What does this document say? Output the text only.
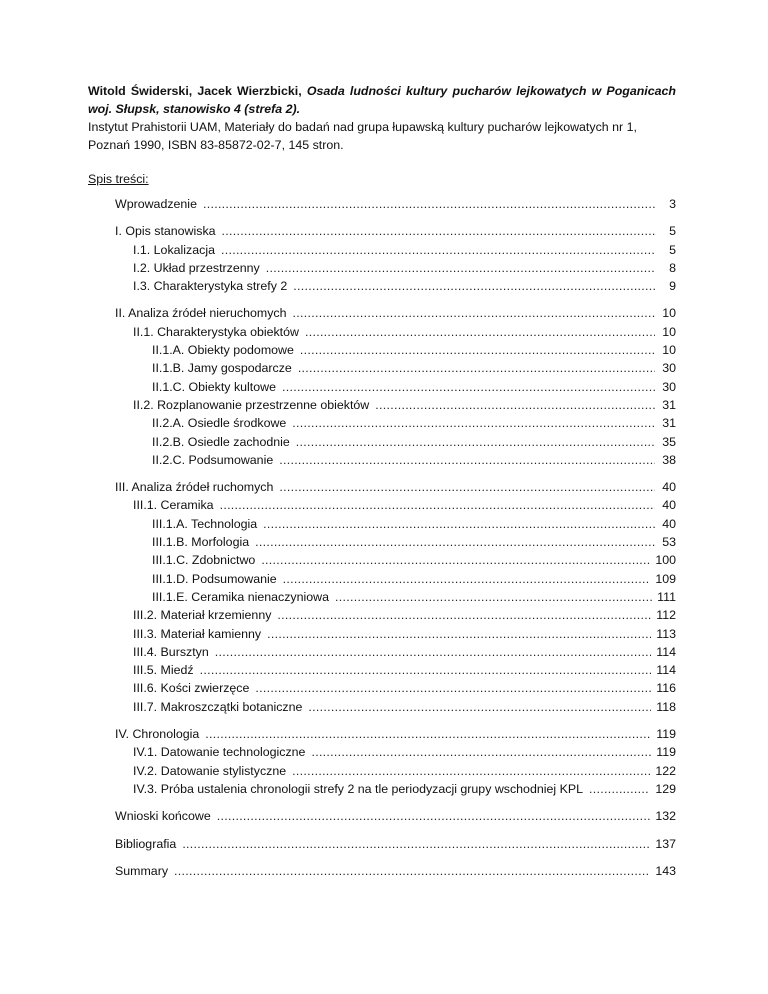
Witold Świderski, Jacek Wierzbicki, Osada ludności kultury pucharów lejkowatych w Poganicach woj. Słupsk, stanowisko 4 (strefa 2).
Instytut Prahistorii UAM, Materiały do badań nad grupa łupawską kultury pucharów lejkowatych nr 1,
Poznań 1990, ISBN 83-85872-02-7, 145 stron.
Spis treści:
Wprowadzenie .....	3
I. Opis stanowiska .....	5
I.1. Lokalizacja .....	5
I.2. Układ przestrzenny .....	8
I.3. Charakterystyka strefy 2 .....	9
II. Analiza źródeł nieruchomych .....	10
II.1. Charakterystyka obiektów .....	10
II.1.A. Obiekty podomowe .....	10
II.1.B. Jamy gospodarcze .....	30
II.1.C. Obiekty kultowe .....	30
II.2. Rozplanowanie przestrzenne obiektów .....	31
II.2.A. Osiedle środkowe .....	31
II.2.B. Osiedle zachodnie .....	35
II.2.C. Podsumowanie .....	38
III. Analiza źródeł ruchomych .....	40
III.1. Ceramika .....	40
III.1.A. Technologia .....	40
III.1.B. Morfologia .....	53
III.1.C. Zdobnictwo .....	100
III.1.D. Podsumowanie .....	109
III.1.E. Ceramika nienaczyniowa .....	111
III.2. Materiał krzemienny .....	112
III.3. Materiał kamienny .....	113
III.4. Bursztyn .....	114
III.5. Miedź .....	114
III.6. Kości zwierzęce .....	116
III.7. Makroszczątki botaniczne .....	118
IV. Chronologia .....	119
IV.1. Datowanie technologiczne .....	119
IV.2. Datowanie stylistyczne .....	122
IV.3. Próba ustalenia chronologii strefy 2 na tle periodyzacji grupy wschodniej KPL .....	129
Wnioski końcowe .....	132
Bibliografia .....	137
Summary .....	143
